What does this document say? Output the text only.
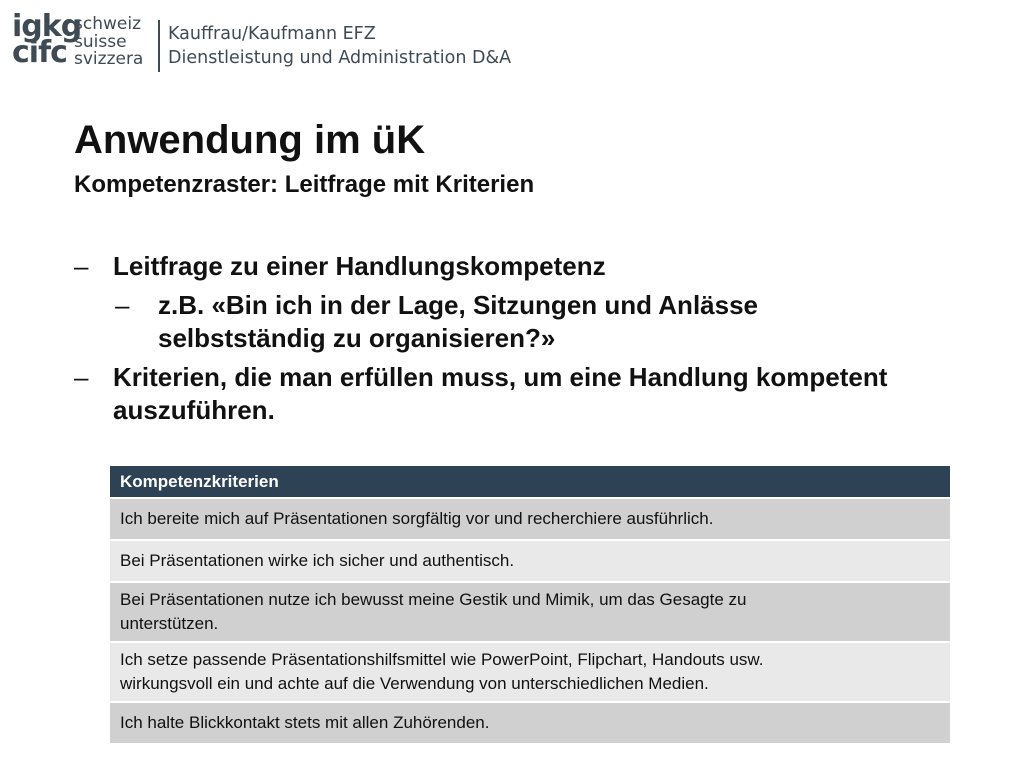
igkg
cifc
schweiz
suisse
svizzera
Kauffrau/Kaufmann EFZ
Dienstleistung und Administration D&A
Anwendung im üK
Kompetenzraster: Leitfrage mit Kriterien
– Leitfrage zu einer Handlungskompetenz
–	z.B. «Bin ich in der Lage, Sitzungen und Anlässe
selbstständig zu organisieren?»
– Kriterien, die man erfüllen muss, um eine Handlung kompetent
auszuführen.
Kompetenzkriterien
Ich bereite mich auf Präsentationen sorgfältig vor und recherchiere ausführlich.
Bei Präsentationen wirke ich sicher und authentisch.
Bei Präsentationen nutze ich bewusst meine Gestik und Mimik, um das Gesagte zu
unterstützen.
Ich setze passende Präsentationshilfsmittel wie PowerPoint, Flipchart, Handouts usw.
wirkungsvoll ein und achte auf die Verwendung von unterschiedlichen Medien.
Ich halte Blickkontakt stets mit allen Zuhörenden.
